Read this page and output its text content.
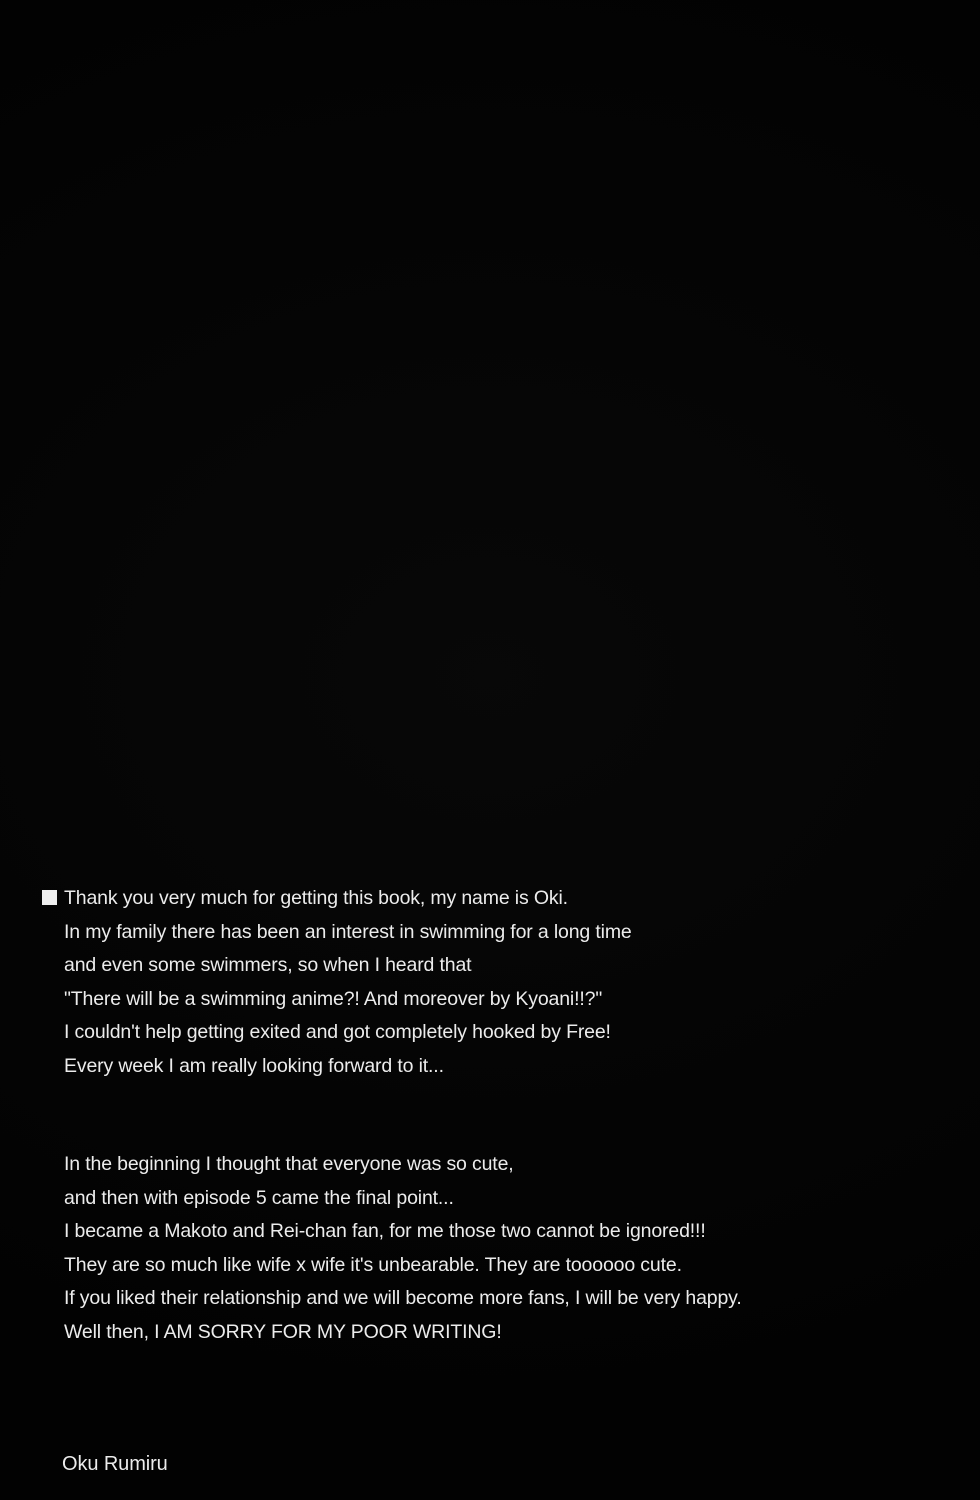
Thank you very much for getting this book, my name is Oki.
In my family there has been an interest in swimming for a long time
and even some swimmers, so when I heard that
"There will be a swimming anime?! And moreover by Kyoani!!?"
I couldn't help getting exited and got completely hooked by Free!
Every week I am really looking forward to it...
In the beginning I thought that everyone was so cute,
and then with episode 5 came the final point...
I became a Makoto and Rei-chan fan, for me those two cannot be ignored!!!
They are so much like wife x wife it's unbearable. They are toooooo cute.
If you liked their relationship and we will become more fans, I will be very happy.
Well then, I AM SORRY FOR MY POOR WRITING!
Oku Rumiru
